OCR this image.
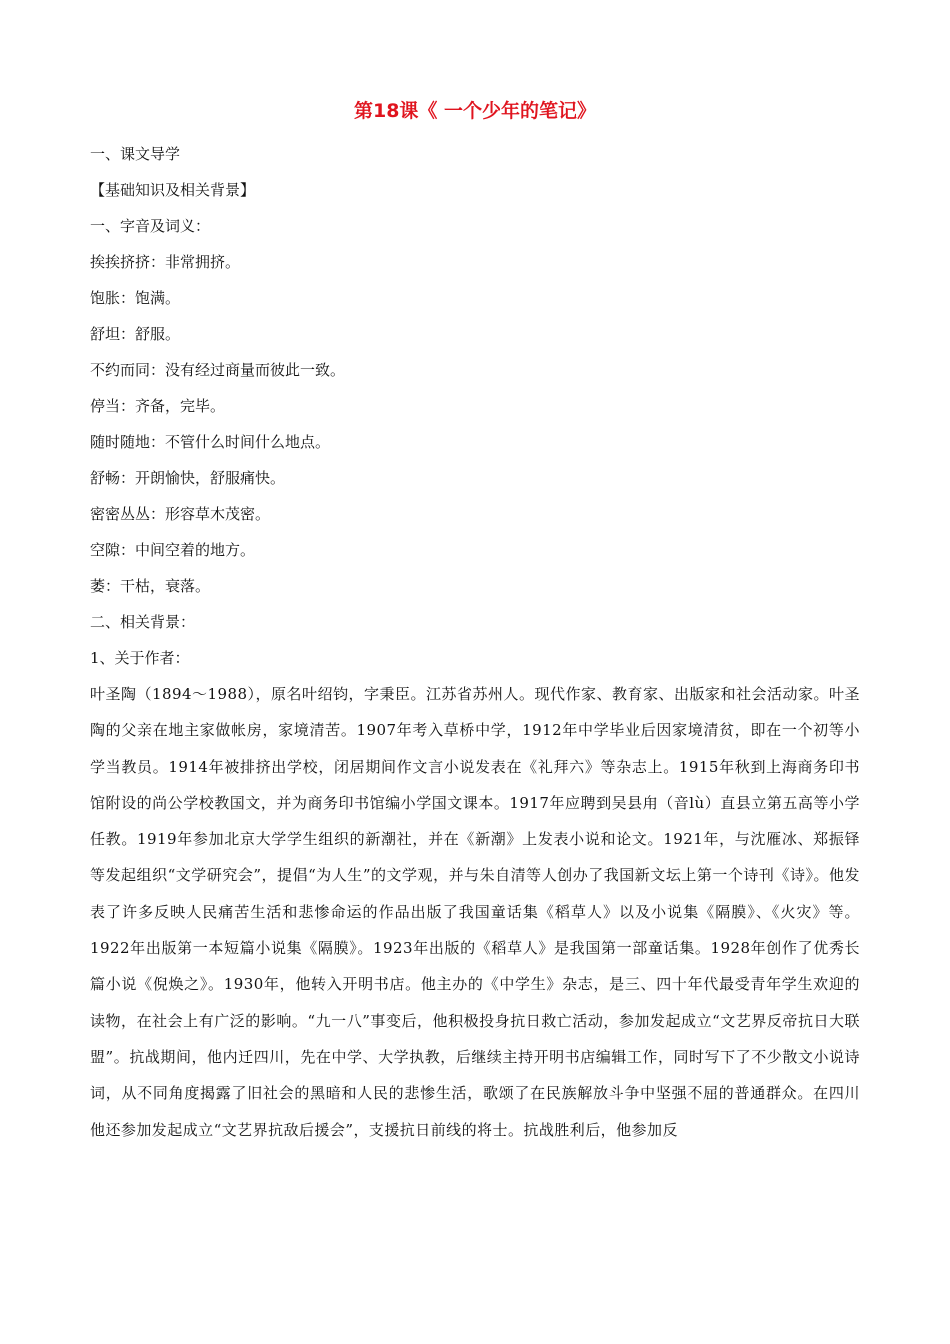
第18课《 一个少年的笔记》

一、课文导学

【基础知识及相关背景】

一、字音及词义：

挨挨挤挤：非常拥挤。

饱胀：饱满。

舒坦：舒服。

不约而同：没有经过商量而彼此一致。

停当：齐备，完毕。

随时随地：不管什么时间什么地点。

舒畅：开朗愉快，舒服痛快。

密密丛丛：形容草木茂密。

空隙：中间空着的地方。

萎：干枯，衰落。

二、相关背景：

1、关于作者：

叶圣陶（1894～1988），原名叶绍钧，字秉臣。江苏省苏州人。现代作家、教育家、出版家和社会活动家。叶圣陶的父亲在地主家做帐房，家境清苦。1907年考入草桥中学，1912年中学毕业后因家境清贫，即在一个初等小学当教员。1914年被排挤出学校，闭居期间作文言小说发表在《礼拜六》等杂志上。1915年秋到上海商务印书馆附设的尚公学校教国文，并为商务印书馆编小学国文课本。1917年应聘到吴县甪（音lù）直县立第五高等小学任教。1919年参加北京大学学生组织的新潮社，并在《新潮》上发表小说和论文。1921年，与沈雁冰、郑振铎等发起组织“文学研究会”，提倡“为人生”的文学观，并与朱自清等人创办了我国新文坛上第一个诗刊《诗》。他发表了许多反映人民痛苦生活和悲惨命运的作品出版了我国童话集《稻草人》以及小说集《隔膜》、《火灾》等。1922年出版第一本短篇小说集《隔膜》。1923年出版的《稻草人》是我国第一部童话集。1928年创作了优秀长篇小说《倪焕之》。1930年，他转入开明书店。他主办的《中学生》杂志，是三、四十年代最受青年学生欢迎的读物，在社会上有广泛的影响。“九一八”事变后，他积极投身抗日救亡活动，参加发起成立“文艺界反帝抗日大联盟”。抗战期间，他内迁四川，先在中学、大学执教，后继续主持开明书店编辑工作，同时写下了不少散文小说诗词，从不同角度揭露了旧社会的黑暗和人民的悲惨生活，歌颂了在民族解放斗争中坚强不屈的普通群众。在四川他还参加发起成立“文艺界抗敌后援会”，支援抗日前线的将士。抗战胜利后，他参加反
